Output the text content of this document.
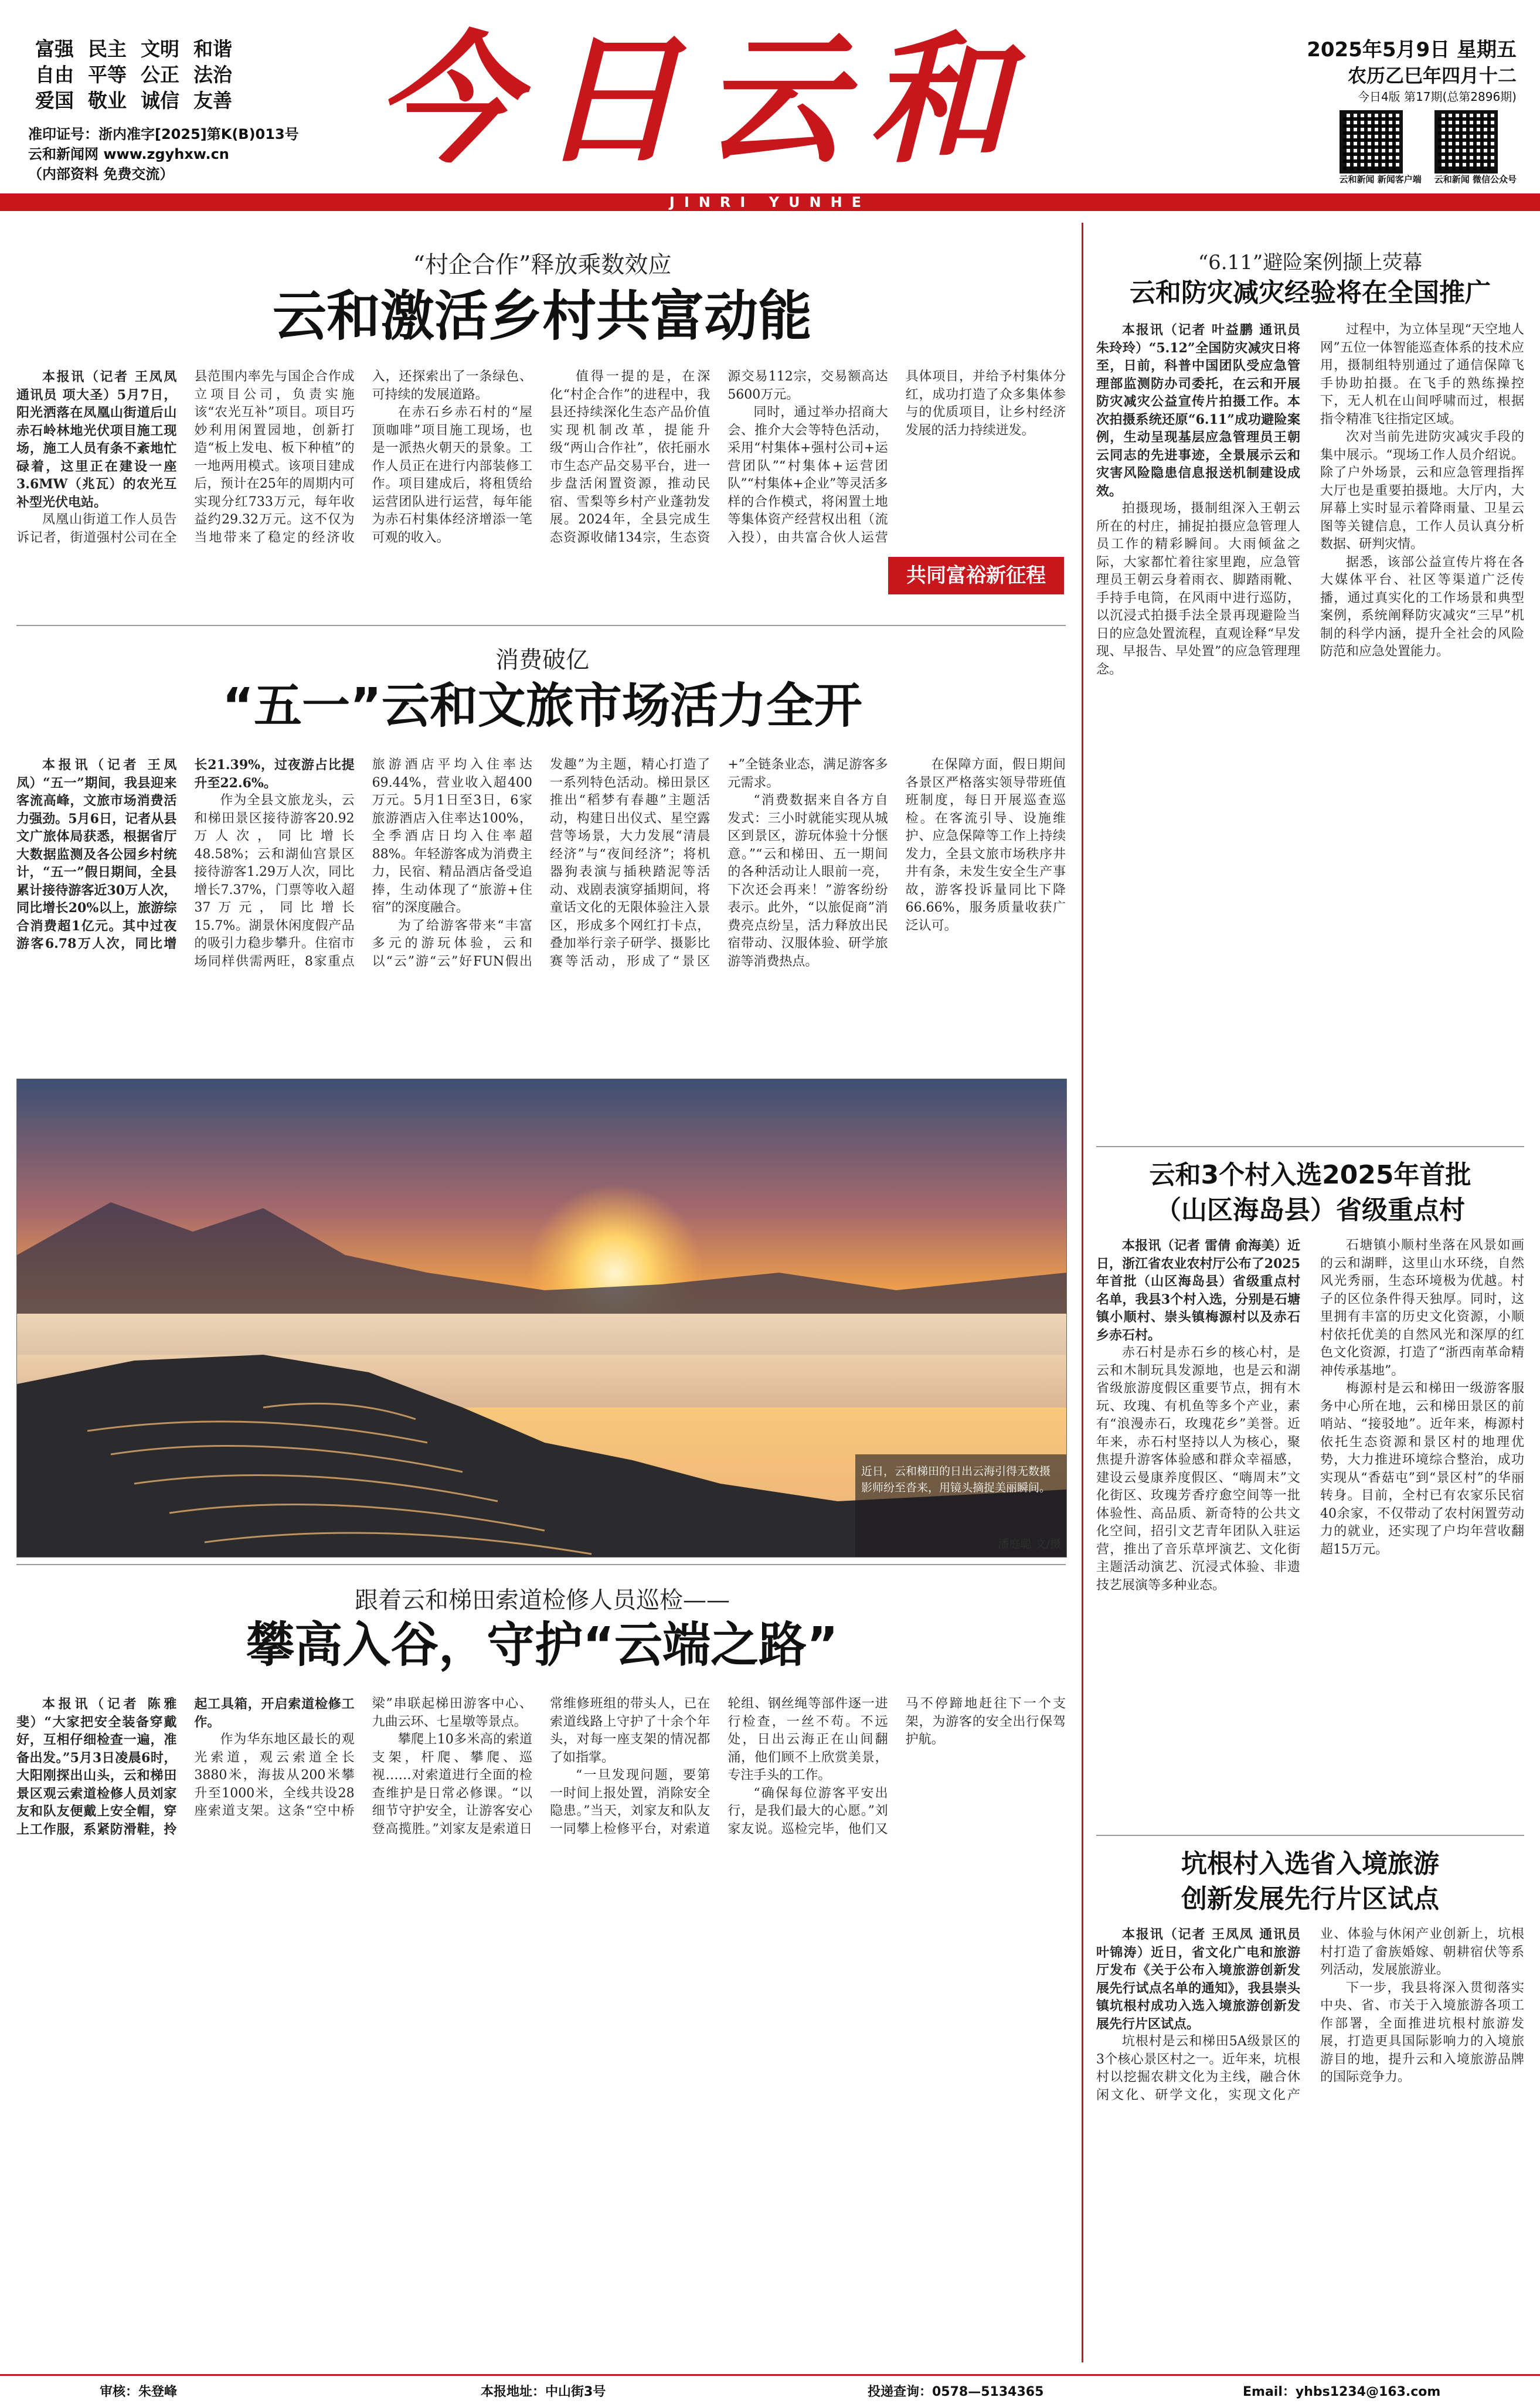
富强 民主 文明 和谐
自由 平等 公正 法治
爱国 敬业 诚信 友善
准印证号：浙内准字[2025]第K(B)013号
云和新闻网 www.zgyhxw.cn
（内部资料 免费交流）	今日云和	2025年5月9日 星期五
农历乙巳年四月十二
今日4版 第17期(总第2896期)
云和新闻 新闻客户端 云和新闻 微信公众号
JINRI YUNHE
“村企合作”释放乘数效应
云和激活乡村共富动能

本报讯（记者 王凤凤 通讯员 项大圣）5月7日，阳光洒落在凤凰山街道后山赤石岭林地光伏项目施工现场，施工人员有条不紊地忙碌着，这里正在建设一座3.6MW（兆瓦）的农光互补型光伏电站。

凤凰山街道工作人员告诉记者，街道强村公司在全县范围内率先与国企合作成立项目公司，负责实施该“农光互补”项目。项目巧妙利用闲置园地，创新打造“板上发电、板下种植”的一地两用模式。该项目建成后，预计在25年的周期内可实现分红733万元，每年收益约29.32万元。这不仅为当地带来了稳定的经济收入，还探索出了一条绿色、可持续的发展道路。

在赤石乡赤石村的“屋顶咖啡”项目施工现场，也是一派热火朝天的景象。工作人员正在进行内部装修工作。项目建成后，将租赁给运营团队进行运营，每年能为赤石村集体经济增添一笔可观的收入。

值得一提的是，在深化“村企合作”的进程中，我县还持续深化生态产品价值实现机制改革，提能升级“两山合作社”，依托丽水市生态产品交易平台，进一步盘活闲置资源，推动民宿、雪梨等乡村产业蓬勃发展。2024年，全县完成生态资源收储134宗，生态资源交易112宗，交易额高达5600万元。

同时，通过举办招商大会、推介大会等特色活动，采用“村集体+强村公司+运营团队”“村集体+运营团队”“村集体+企业”等灵活多样的合作模式，将闲置土地等集体资产经营权出租（流入投），由共富合伙人运营具体项目，并给予村集体分红，成功打造了众多集体参与的优质项目，让乡村经济发展的活力持续迸发。

共同富裕新征程
消费破亿
“五一”云和文旅市场活力全开

本报讯（记者 王凤凤）“五一”期间，我县迎来客流高峰，文旅市场消费活力强劲。5月6日，记者从县文广旅体局获悉，根据省厅大数据监测及各公园乡村统计，“五一”假日期间，全县累计接待游客近30万人次，同比增长20%以上，旅游综合消费超1亿元。其中过夜游客6.78万人次，同比增长21.39%，过夜游占比提升至22.6%。

作为全县文旅龙头，云和梯田景区接待游客20.92万人次，同比增长48.58%；云和湖仙宫景区接待游客1.29万人次，同比增长7.37%，门票等收入超37万元，同比增长15.7%。湖景休闲度假产品的吸引力稳步攀升。住宿市场同样供需两旺，8家重点旅游酒店平均入住率达69.44%，营业收入超400万元。5月1日至3日，6家旅游酒店入住率达100%，全季酒店日均入住率超88%。年轻游客成为消费主力，民宿、精品酒店备受追捧，生动体现了“旅游+住宿”的深度融合。

为了给游客带来“丰富多元的游玩体验，云和以“云”游“云”好FUN假出发趣”为主题，精心打造了一系列特色活动。梯田景区推出“稻梦有春趣”主题活动，构建日出仪式、星空露营等场景，大力发展“清晨经济”与“夜间经济”；将机器狗表演与插秧踏泥等活动、戏剧表演穿插期间，将童话文化的无限体验注入景区，形成多个网红打卡点，叠加举行亲子研学、摄影比赛等活动，形成了“景区+”全链条业态，满足游客多元需求。

“消费数据来自各方自发式：三小时就能实现从城区到景区，游玩体验十分惬意。”“云和梯田、五一期间的各种活动让人眼前一亮，下次还会再来！”游客纷纷表示。此外，“以旅促商”消费亮点纷呈，活力释放出民宿带动、汉服体验、研学旅游等消费热点。

在保障方面，假日期间各景区严格落实领导带班值班制度，每日开展巡查巡检。在客流引导、设施维护、应急保障等工作上持续发力，全县文旅市场秩序井井有条，未发生安全生产事故，游客投诉量同比下降66.66%，服务质量收获广泛认可。

近日，云和梯田的日出云海引得无数摄影师纷至沓来，用镜头摘捉美丽瞬间。
潘庭聪 文/摄
跟着云和梯田索道检修人员巡检——
攀高入谷，守护“云端之路”

本报讯（记者 陈雅斐）“大家把安全装备穿戴好，互相仔细检查一遍，准备出发。”5月3日凌晨6时，大阳刚探出山头，云和梯田景区观云索道检修人员刘家友和队友便戴上安全帽，穿上工作服，系紧防滑鞋，拎起工具箱，开启索道检修工作。

作为华东地区最长的观光索道，观云索道全长3880米，海拔从200米攀升至1000米，全线共设28座索道支架。这条“空中桥梁”串联起梯田游客中心、九曲云环、七星墩等景点。

攀爬上10多米高的索道支架，杆爬、攀爬、巡视……对索道进行全面的检查维护是日常必修课。“以细节守护安全，让游客安心登高揽胜。”刘家友是索道日常维修班组的带头人，已在索道线路上守护了十余个年头，对每一座支架的情况都了如指掌。

“一旦发现问题，要第一时间上报处置，消除安全隐患。”当天，刘家友和队友一同攀上检修平台，对索道轮组、钢丝绳等部件逐一进行检查，一丝不苟。不远处，日出云海正在山间翻涌，他们顾不上欣赏美景，专注手头的工作。

“确保每位游客平安出行，是我们最大的心愿。”刘家友说。巡检完毕，他们又马不停蹄地赶往下一个支架，为游客的安全出行保驾护航。

“6.11”避险案例撷上荧幕
云和防灾减灾经验将在全国推广

本报讯（记者 叶益鹏 通讯员 朱玲玲）“5.12”全国防灾减灾日将至，日前，科普中国团队受应急管理部监测防办司委托，在云和开展防灾减灾公益宣传片拍摄工作。本次拍摄系统还原“6.11”成功避险案例，生动呈现基层应急管理员王朝云同志的先进事迹，全景展示云和灾害风险隐患信息报送机制建设成效。

拍摄现场，摄制组深入王朝云所在的村庄，捕捉拍摄应急管理人员工作的精彩瞬间。大雨倾盆之际，大家都忙着往家里跑，应急管理员王朝云身着雨衣、脚踏雨靴、手持手电筒，在风雨中进行巡防，以沉浸式拍摄手法全景再现避险当日的应急处置流程，直观诠释“早发现、早报告、早处置”的应急管理理念。

过程中，为立体呈现“天空地人网”五位一体智能巡查体系的技术应用，摄制组特别通过了通信保障飞手协助拍摄。在飞手的熟练操控下，无人机在山间呼啸而过，根据指令精准飞往指定区域。

次对当前先进防灾减灾手段的集中展示。“现场工作人员介绍说。除了户外场景，云和应急管理指挥大厅也是重要拍摄地。大厅内，大屏幕上实时显示着降雨量、卫星云图等关键信息，工作人员认真分析数据、研判灾情。

据悉，该部公益宣传片将在各大媒体平台、社区等渠道广泛传播，通过真实化的工作场景和典型案例，系统阐释防灾减灾“三早”机制的科学内涵，提升全社会的风险防范和应急处置能力。

云和3个村入选2025年首批
（山区海岛县）省级重点村

本报讯（记者 雷倩 俞海美）近日，浙江省农业农村厅公布了2025年首批（山区海岛县）省级重点村名单，我县3个村入选，分别是石塘镇小顺村、崇头镇梅源村以及赤石乡赤石村。

赤石村是赤石乡的核心村，是云和木制玩具发源地，也是云和湖省级旅游度假区重要节点，拥有木玩、玫瑰、有机鱼等多个产业，素有“浪漫赤石，玫瑰花乡”美誉。近年来，赤石村坚持以人为核心，聚焦提升游客体验感和群众幸福感，建设云曼康养度假区、“嗨周末”文化街区、玫瑰芳香疗愈空间等一批体验性、高品质、新奇特的公共文化空间，招引文艺青年团队入驻运营，推出了音乐草坪演艺、文化街主题活动演艺、沉浸式体验、非遗技艺展演等多种业态。

石塘镇小顺村坐落在风景如画的云和湖畔，这里山水环绕，自然风光秀丽，生态环境极为优越。村子的区位条件得天独厚。同时，这里拥有丰富的历史文化资源，小顺村依托优美的自然风光和深厚的红色文化资源，打造了“浙西南革命精神传承基地”。

梅源村是云和梯田一级游客服务中心所在地，云和梯田景区的前哨站、“接驳地”。近年来，梅源村依托生态资源和景区村的地理优势，大力推进环境综合整治，成功实现从“香菇屯”到“景区村”的华丽转身。目前，全村已有农家乐民宿40余家，不仅带动了农村闲置劳动力的就业，还实现了户均年营收翻超15万元。

坑根村入选省入境旅游
创新发展先行片区试点

本报讯（记者 王凤凤 通讯员 叶锦涛）近日，省文化广电和旅游厅发布《关于公布入境旅游创新发展先行试点名单的通知》，我县崇头镇坑根村成功入选入境旅游创新发展先行片区试点。

坑根村是云和梯田5A级景区的3个核心景区村之一。近年来，坑根村以挖掘农耕文化为主线，融合休闲文化、研学文化，实现文化产业、体验与休闲产业创新上，坑根村打造了畲族婚嫁、朝耕宿伏等系列活动，发展旅游业。

下一步，我县将深入贯彻落实中央、省、市关于入境旅游各项工作部署，全面推进坑根村旅游发展，打造更具国际影响力的入境旅游目的地，提升云和入境旅游品牌的国际竞争力。

审核：朱登峰	本报地址：中山街3号	投递查询：0578—5134365	Email：yhbs1234@163.com
